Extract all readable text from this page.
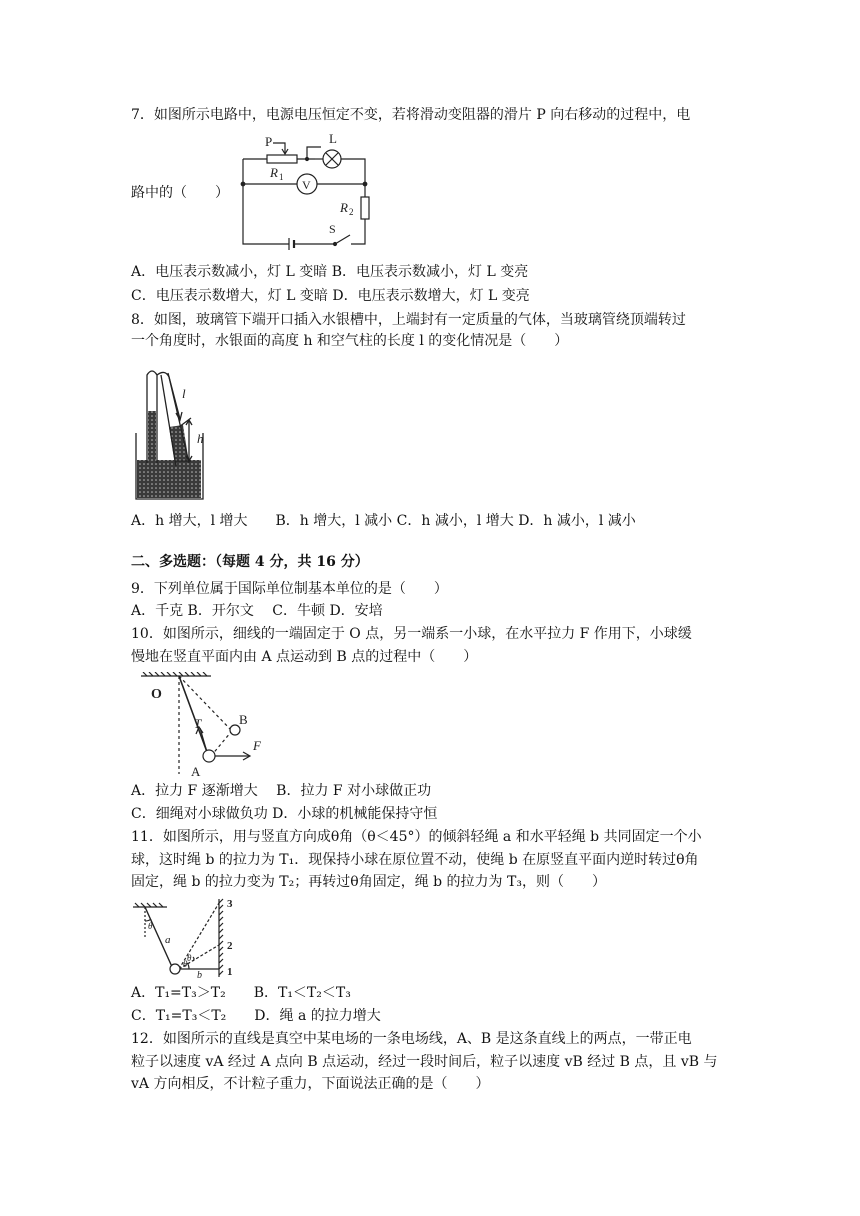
7．如图所示电路中，电源电压恒定不变，若将滑动变阻器的滑片 P 向右移动的过程中，电
P	L
R 1
V
R 2
S
路中的（　　）
A．电压表示数减小，灯 L 变暗 B．电压表示数减小，灯 L 变亮
C．电压表示数增大，灯 L 变暗 D．电压表示数增大，灯 L 变亮
8．如图，玻璃管下端开口插入水银槽中，上端封有一定质量的气体，当玻璃管绕顶端转过
一个角度时，水银面的高度 h 和空气柱的长度 l 的变化情况是（　　）
l
h
A．h 增大，l 增大　　B．h 增大，l 减小 C．h 减小，l 增大 D．h 减小，l 减小
二、多选题：（每题 4 分，共 16 分）
9．下列单位属于国际单位制基本单位的是（　　）
A．千克 B．开尔文　 C．牛顿 D．安培
10．如图所示，细线的一端固定于 O 点，另一端系一小球，在水平拉力 F 作用下，小球缓
慢地在竖直平面内由 A 点运动到 B 点的过程中（　　）
O
T	B
A
F
A．拉力 F 逐渐增大　 B．拉力 F 对小球做正功
C．细绳对小球做负功 D．小球的机械能保持守恒
11．如图所示，用与竖直方向成θ角（θ＜45°）的倾斜轻绳 a 和水平轻绳 b 共同固定一个小
球，这时绳 b 的拉力为 T₁．现保持小球在原位置不动，使绳 b 在原竖直平面内逆时转过θ角
固定，绳 b 的拉力变为 T₂；再转过θ角固定，绳 b 的拉力为 T₃，则（　　）
θ
a
3
2
1
θ
θ
b
A．T₁=T₃＞T₂　　B．T₁＜T₂＜T₃
C．T₁=T₃＜T₂　　D．绳 a 的拉力增大
12．如图所示的直线是真空中某电场的一条电场线，A、B 是这条直线上的两点，一带正电
粒子以速度 vA 经过 A 点向 B 点运动，经过一段时间后，粒子以速度 vB 经过 B 点，且 vB 与
vA 方向相反，不计粒子重力，下面说法正确的是（　　）
